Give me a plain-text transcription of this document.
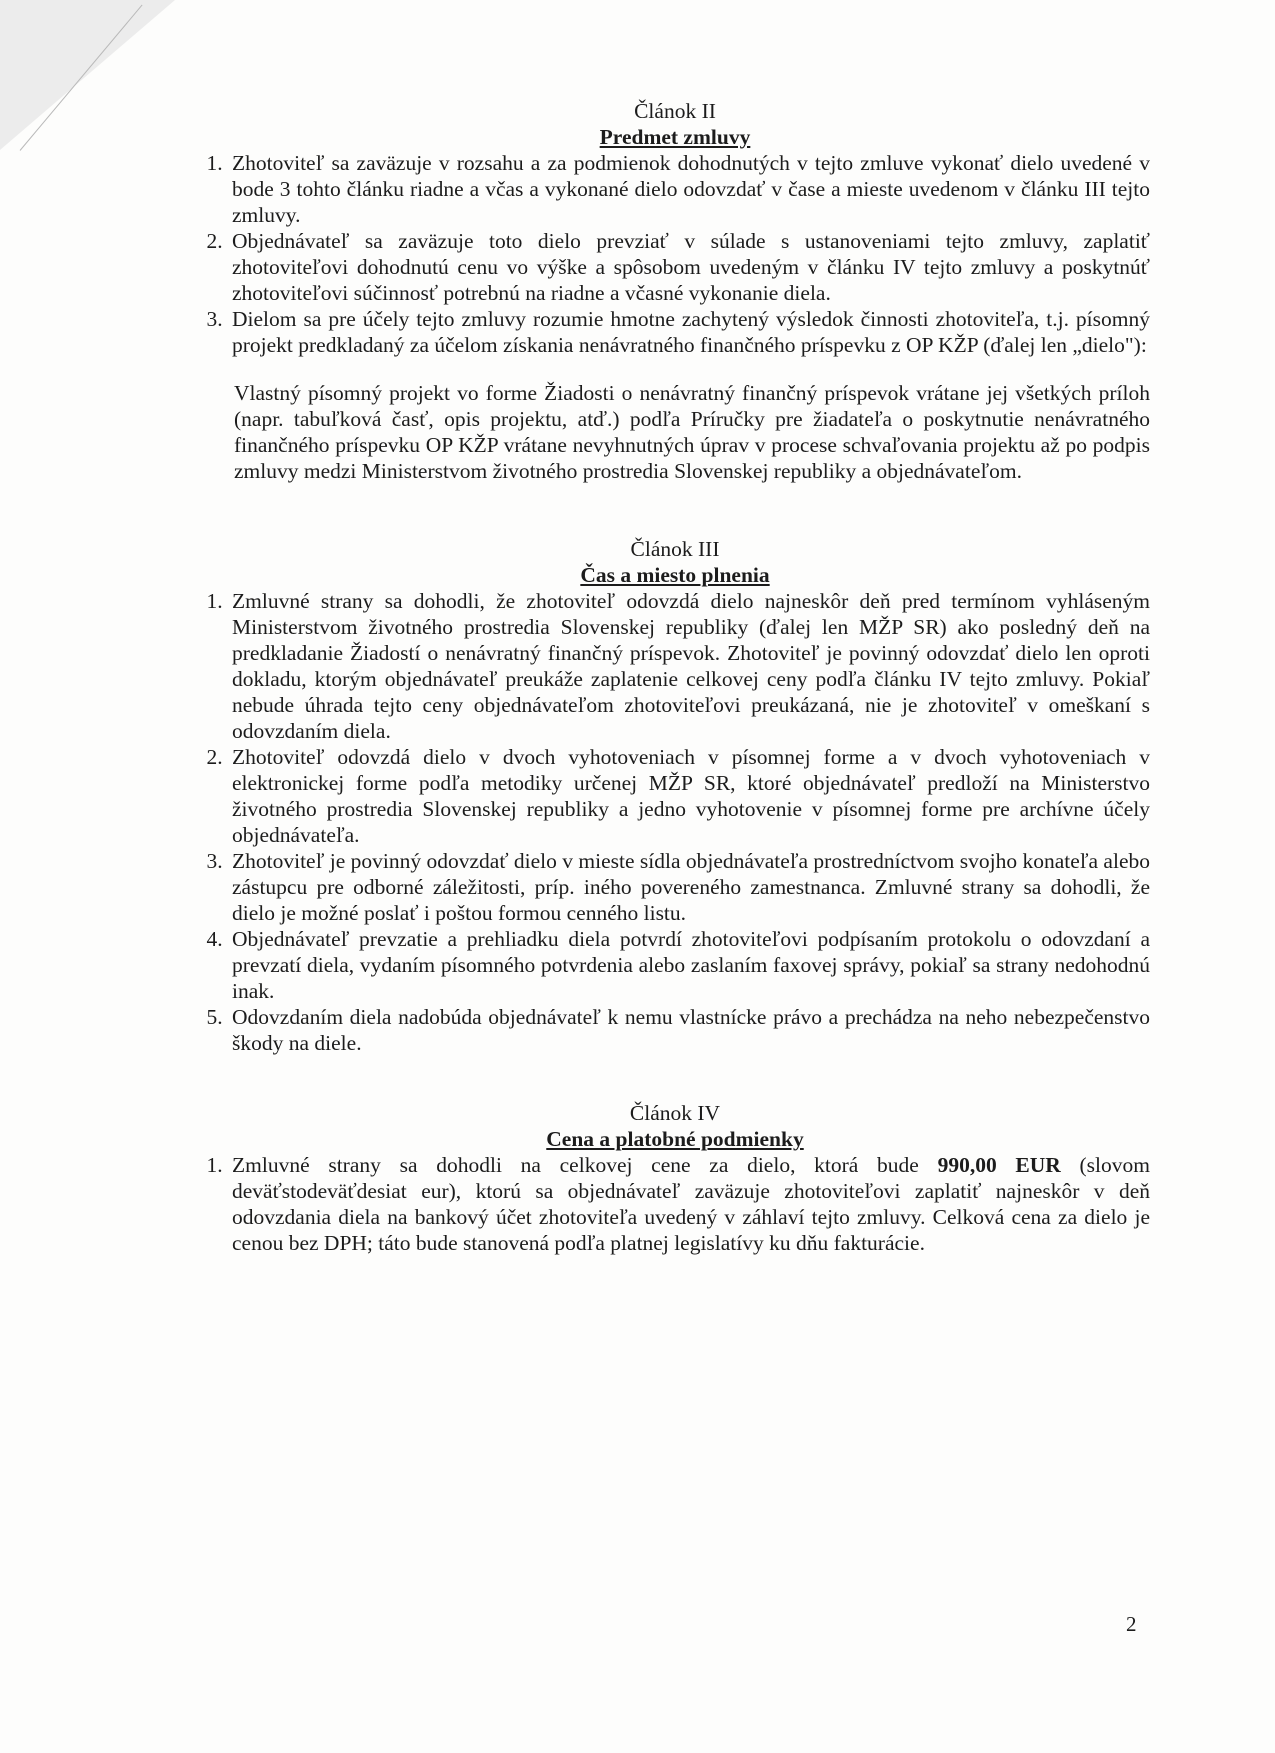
Článok II
Predmet zmluvy
1. Zhotoviteľ sa zaväzuje v rozsahu a za podmienok dohodnutých v tejto zmluve vykonať dielo uvedené v bode 3 tohto článku riadne a včas a vykonané dielo odovzdať v čase a mieste uvedenom v článku III tejto zmluvy.
2. Objednávateľ sa zaväzuje toto dielo prevziať v súlade s ustanoveniami tejto zmluvy, zaplatiť zhotoviteľovi dohodnutú cenu vo výške a spôsobom uvedeným v článku IV tejto zmluvy a poskytnúť zhotoviteľovi súčinnosť potrebnú na riadne a včasné vykonanie diela.
3. Dielom sa pre účely tejto zmluvy rozumie hmotne zachytený výsledok činnosti zhotoviteľa, t.j. písomný projekt predkladaný za účelom získania nenávratného finančného príspevku z OP KŽP (ďalej len „dielo"):
Vlastný písomný projekt vo forme Žiadosti o nenávratný finančný príspevok vrátane jej všetkých príloh (napr. tabuľková časť, opis projektu, atď.) podľa Príručky pre žiadateľa o poskytnutie nenávratného finančného príspevku OP KŽP vrátane nevyhnutných úprav v procese schvaľovania projektu až po podpis zmluvy medzi Ministerstvom životného prostredia Slovenskej republiky a objednávateľom.
Článok III
Čas a miesto plnenia
1. Zmluvné strany sa dohodli, že zhotoviteľ odovzdá dielo najneskôr deň pred termínom vyhláseným Ministerstvom životného prostredia Slovenskej republiky (ďalej len MŽP SR) ako posledný deň na predkladanie Žiadostí o nenávratný finančný príspevok. Zhotoviteľ je povinný odovzdať dielo len oproti dokladu, ktorým objednávateľ preukáže zaplatenie celkovej ceny podľa článku IV tejto zmluvy. Pokiaľ nebude úhrada tejto ceny objednávateľom zhotoviteľovi preukázaná, nie je zhotoviteľ v omeškaní s odovzdaním diela.
2. Zhotoviteľ odovzdá dielo v dvoch vyhotoveniach v písomnej forme a v dvoch vyhotoveniach v elektronickej forme podľa metodiky určenej MŽP SR, ktoré objednávateľ predloží na Ministerstvo životného prostredia Slovenskej republiky a jedno vyhotovenie v písomnej forme pre archívne účely objednávateľa.
3. Zhotoviteľ je povinný odovzdať dielo v mieste sídla objednávateľa prostredníctvom svojho konateľa alebo zástupcu pre odborné záležitosti, príp. iného povereného zamestnanca. Zmluvné strany sa dohodli, že dielo je možné poslať i poštou formou cenného listu.
4. Objednávateľ prevzatie a prehliadku diela potvrdí zhotoviteľovi podpísaním protokolu o odovzdaní a prevzatí diela, vydaním písomného potvrdenia alebo zaslaním faxovej správy, pokiaľ sa strany nedohodnú inak.
5. Odovzdaním diela nadobúda objednávateľ k nemu vlastnícke právo a prechádza na neho nebezpečenstvo škody na diele.
Článok IV
Cena a platobné podmienky
1. Zmluvné strany sa dohodli na celkovej cene za dielo, ktorá bude 990,00 EUR (slovom deväťstodeväťdesiat eur), ktorú sa objednávateľ zaväzuje zhotoviteľovi zaplatiť najneskôr v deň odovzdania diela na bankový účet zhotoviteľa uvedený v záhlaví tejto zmluvy. Celková cena za dielo je cenou bez DPH; táto bude stanovená podľa platnej legislatívy ku dňu fakturácie.
2
